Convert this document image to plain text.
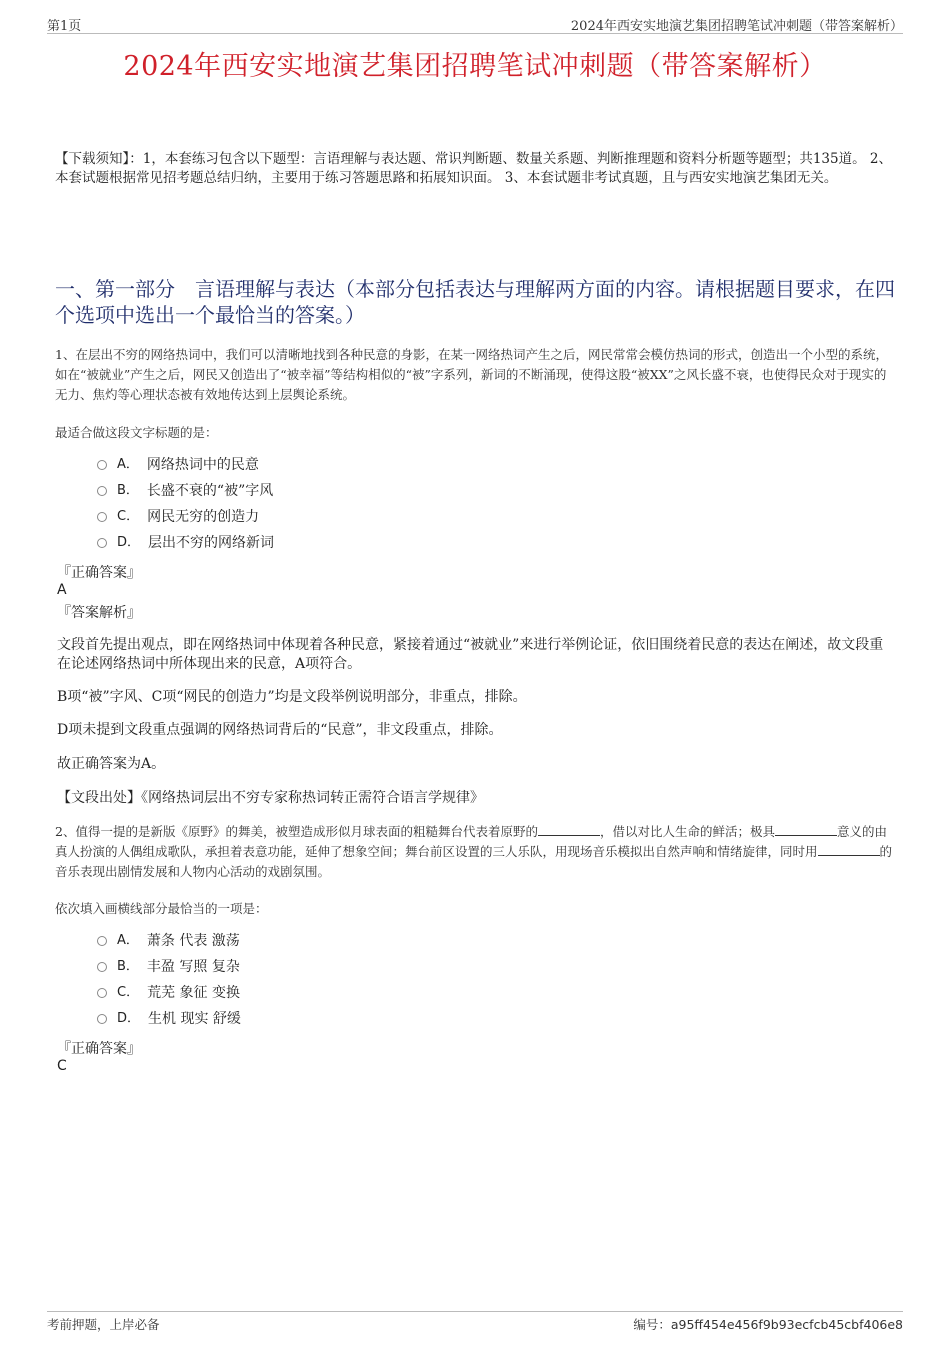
第1页	2024年西安实地演艺集团招聘笔试冲刺题（带答案解析）
2024年西安实地演艺集团招聘笔试冲刺题（带答案解析）
【下载须知】：1，本套练习包含以下题型：言语理解与表达题、常识判断题、数量关系题、判断推理题和资料分析题等题型；共135道。 2、本套试题根据常见招考题总结归纳，主要用于练习答题思路和拓展知识面。 3、本套试题非考试真题，且与西安实地演艺集团无关。
一、第一部分　言语理解与表达（本部分包括表达与理解两方面的内容。请根据题目要求，在四个选项中选出一个最恰当的答案。）
1、在层出不穷的网络热词中，我们可以清晰地找到各种民意的身影，在某一网络热词产生之后，网民常常会模仿热词的形式，创造出一个小型的系统，如在“被就业”产生之后，网民又创造出了“被幸福”等结构相似的“被”字系列，新词的不断涌现，使得这股“被XX”之风长盛不衰，也使得民众对于现实的无力、焦灼等心理状态被有效地传达到上层舆论系统。
最适合做这段文字标题的是：
A． 网络热词中的民意
B． 长盛不衰的“被”字风
C． 网民无穷的创造力
D． 层出不穷的网络新词
『正确答案』
A
『答案解析』
文段首先提出观点，即在网络热词中体现着各种民意，紧接着通过“被就业”来进行举例论证，依旧围绕着民意的表达在阐述，故文段重在论述网络热词中所体现出来的民意，A项符合。
B项“被”字风、C项“网民的创造力”均是文段举例说明部分，非重点，排除。
D项未提到文段重点强调的网络热词背后的“民意”，非文段重点，排除。
故正确答案为A。
【文段出处】《网络热词层出不穷专家称热词转正需符合语言学规律》
2、值得一提的是新版《原野》的舞美，被塑造成形似月球表面的粗糙舞台代表着原野的	，借以对比人生命的鲜活；极具	意义的由真人扮演的人偶组成歌队，承担着表意功能，延伸了想象空间；舞台前区设置的三人乐队，用现场音乐模拟出自然声响和情绪旋律，同时用	的音乐表现出剧情发展和人物内心活动的戏剧氛围。
依次填入画横线部分最恰当的一项是：
A． 萧条 代表 激荡
B． 丰盈 写照 复杂
C． 荒芜 象征 变换
D． 生机 现实 舒缓
『正确答案』
C
考前押题，上岸必备	编号：a95ff454e456f9b93ecfcb45cbf406e8
